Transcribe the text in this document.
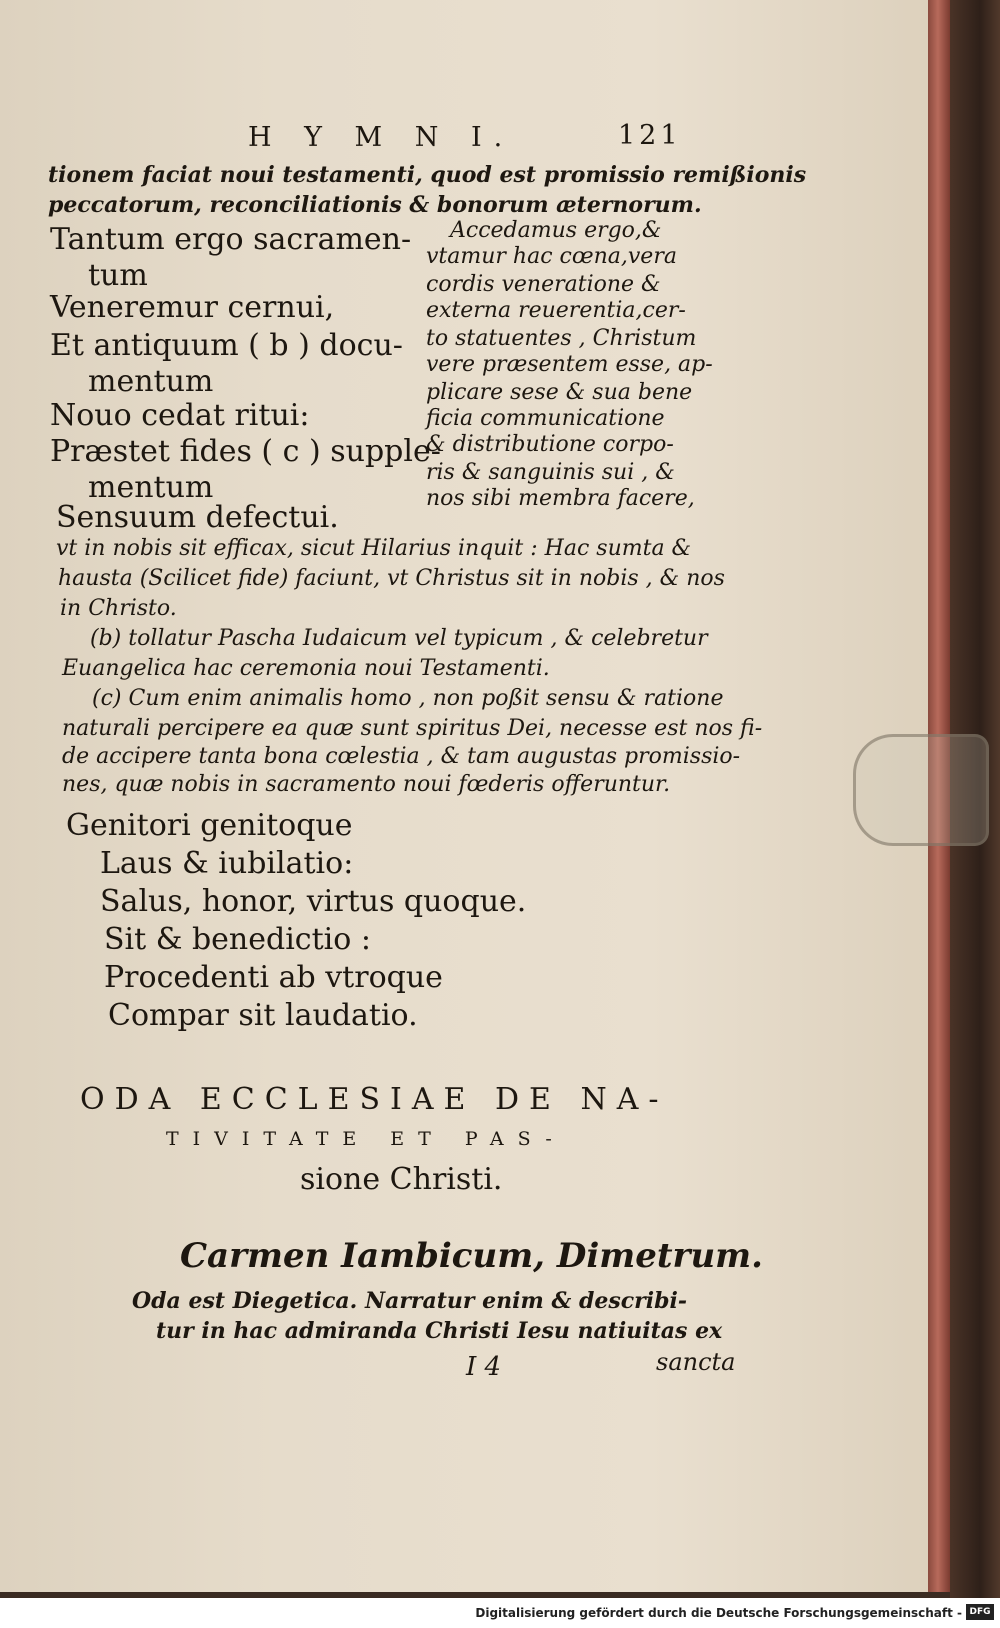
H Y M N I.	121
tionem faciat noui testamenti, quod est promissio remißionis
peccatorum, reconciliationis & bonorum æternorum.
Tantum ergo sacramen-
tum
Veneremur cernui,
Et antiquum ( b ) docu-
mentum
Nouo cedat ritui:
Præstet fides ( c ) supple-
mentum
Sensuum defectui.
Accedamus ergo,&
vtamur hac cœna,vera
cordis veneratione &
externa reuerentia,cer-
to statuentes , Christum
vere præsentem esse, ap-
plicare sese & sua bene
ficia communicatione
& distributione corpo-
ris & sanguinis sui , &
nos sibi membra facere,
vt in nobis sit efficax, sicut Hilarius inquit : Hac sumta &
hausta (Scilicet fide) faciunt, vt Christus sit in nobis , & nos
in Christo.
(b) tollatur Pascha Iudaicum vel typicum , & celebretur
Euangelica hac ceremonia noui Testamenti.
(c) Cum enim animalis homo , non poßit sensu & ratione
naturali percipere ea quæ sunt spiritus Dei, necesse est nos fi-
de accipere tanta bona cœlestia , & tam augustas promissio-
nes, quæ nobis in sacramento noui fœderis offeruntur.
Genitori genitoque
Laus & iubilatio:
Salus, honor, virtus quoque.
Sit & benedictio :
Procedenti ab vtroque
Compar sit laudatio.
ODA ECCLESIAE DE NA-
TIVITATE ET PAS-
sione Christi.
Carmen Iambicum, Dimetrum.
Oda est Diegetica. Narratur enim & describi-
tur in hac admiranda Christi Iesu natiuitas ex
I 4	sancta
Digitalisierung gefördert durch die Deutsche Forschungsgemeinschaft - DFG
